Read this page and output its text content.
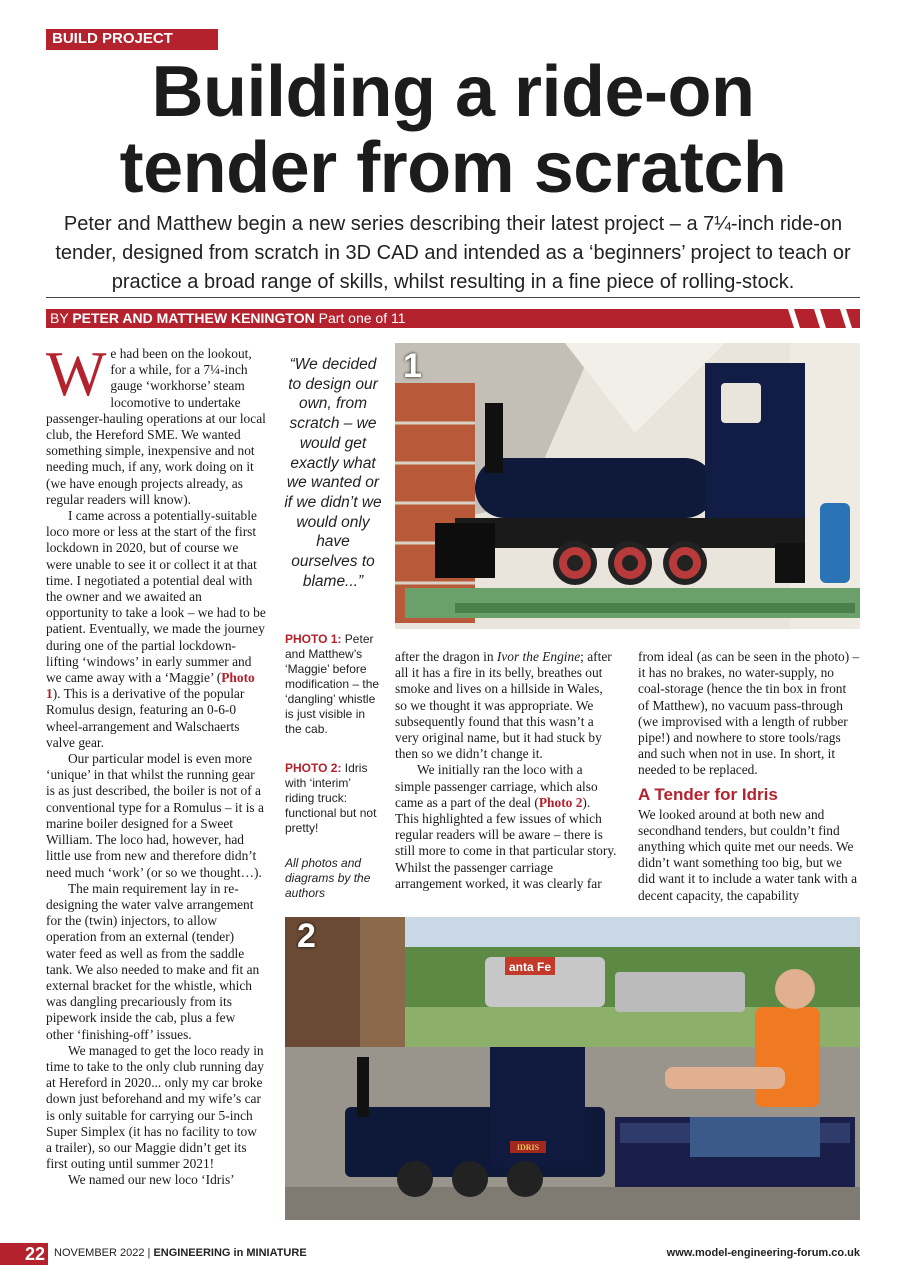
BUILD PROJECT
Building a ride-on
tender from scratch
Peter and Matthew begin a new series describing their latest project – a 7¼-inch ride-on tender, designed from scratch in 3D CAD and intended as a ‘beginners’ project to teach or practice a broad range of skills, whilst resulting in a fine piece of rolling-stock.
BY PETER AND MATTHEW KENINGTON Part one of 11

We had been on the lookout, for a while, for a 7¼-inch gauge ‘workhorse’ steam locomotive to undertake passenger-hauling operations at our local club, the Hereford SME. We wanted something simple, inexpensive and not needing much, if any, work doing on it (we have enough projects already, as regular readers will know).

I came across a potentially-suitable loco more or less at the start of the first lockdown in 2020, but of course we were unable to see it or collect it at that time. I negotiated a potential deal with the owner and we awaited an opportunity to take a look – we had to be patient. Eventually, we made the journey during one of the partial lockdown-lifting ‘windows’ in early summer and we came away with a ‘Maggie’ (Photo 1). This is a derivative of the popular Romulus design, featuring an 0-6-0 wheel-arrangement and Walschaerts valve gear.

Our particular model is even more ‘unique’ in that whilst the running gear is as just described, the boiler is not of a conventional type for a Romulus – it is a marine boiler designed for a Sweet William. The loco had, however, had little use from new and therefore didn’t need much ‘work’ (or so we thought…).

The main requirement lay in re-designing the water valve arrangement for the (twin) injectors, to allow operation from an external (tender) water feed as well as from the saddle tank. We also needed to make and fit an external bracket for the whistle, which was dangling precariously from its pipework inside the cab, plus a few other ‘finishing-off’ issues.

We managed to get the loco ready in time to take to the only club running day at Hereford in 2020... only my car broke down just beforehand and my wife’s car is only suitable for carrying our 5-inch Super Simplex (it has no facility to tow a trailer), so our Maggie didn’t get its first outing until summer 2021!

We named our new loco ‘Idris’

“We decided to design our own, from scratch – we would get exactly what we wanted or if we didn’t we would only have ourselves to blame...”
PHOTO 1: Peter and Matthew’s ‘Maggie’ before modification – the ‘dangling’ whistle is just visible in the cab.
PHOTO 2: Idris with ‘interim’ riding truck: functional but not pretty!
All photos and diagrams by the authors
1

after the dragon in Ivor the Engine; after all it has a fire in its belly, breathes out smoke and lives on a hillside in Wales, so we thought it was appropriate. We subsequently found that this wasn’t a very original name, but it had stuck by then so we didn’t change it.

We initially ran the loco with a simple passenger carriage, which also came as a part of the deal (Photo 2). This highlighted a few issues of which regular readers will be aware – there is still more to come in that particular story. Whilst the passenger carriage arrangement worked, it was clearly far

from ideal (as can be seen in the photo) – it has no brakes, no water-supply, no coal-storage (hence the tin box in front of Matthew), no vacuum pass-through (we improvised with a length of rubber pipe!) and nowhere to store tools/rags and such when not in use. In short, it needed to be replaced.

A Tender for Idris

We looked around at both new and secondhand tenders, but couldn’t find anything which quite met our needs. We didn’t want something too big, but we did want it to include a water tank with a decent capacity, the capability

IDRIS
anta Fe
2
22 NOVEMBER 2022 | ENGINEERING in MINIATURE	www.model-engineering-forum.co.uk
